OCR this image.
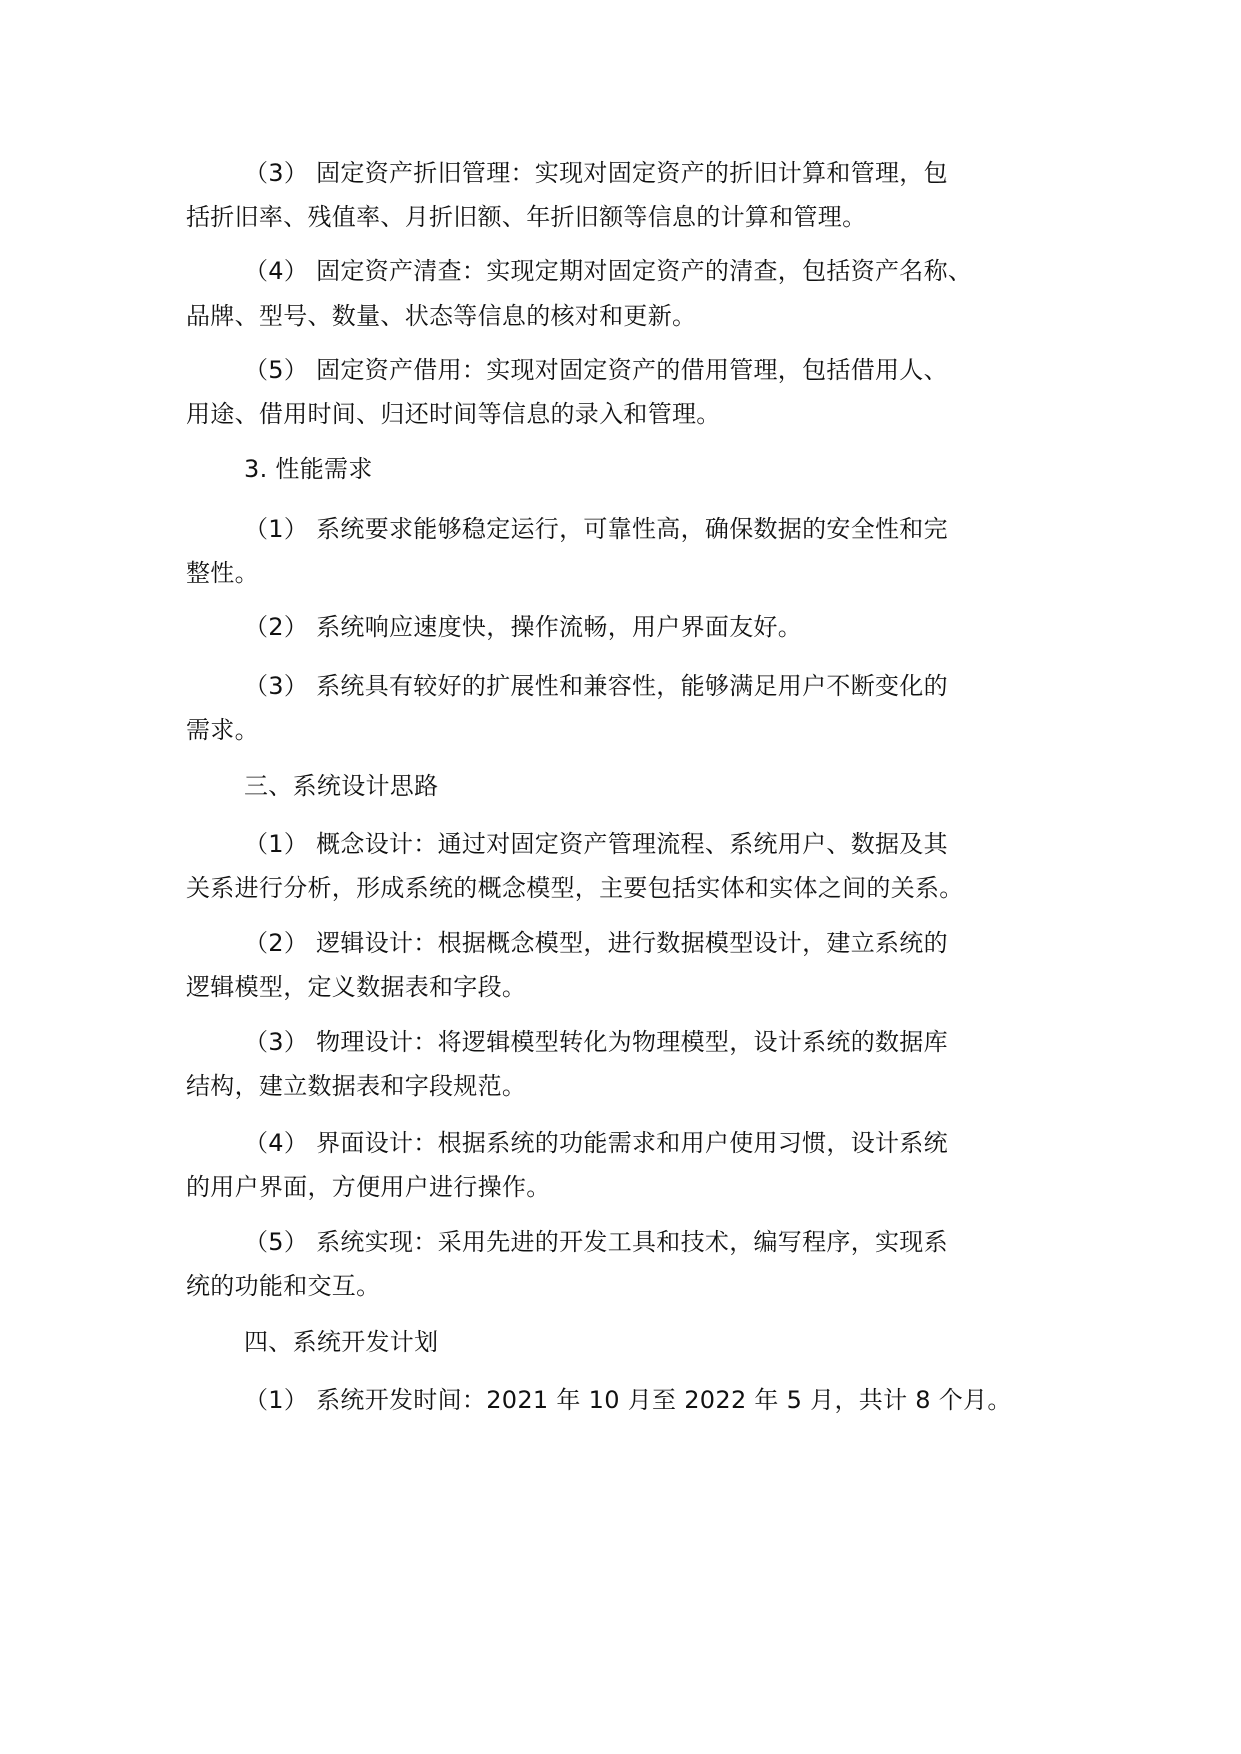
（3） 固定资产折旧管理：实现对固定资产的折旧计算和管理，包
括折旧率、残值率、月折旧额、年折旧额等信息的计算和管理。
（4） 固定资产清查：实现定期对固定资产的清查，包括资产名称、
品牌、型号、数量、状态等信息的核对和更新。
（5） 固定资产借用：实现对固定资产的借用管理，包括借用人、
用途、借用时间、归还时间等信息的录入和管理。
3. 性能需求
（1） 系统要求能够稳定运行，可靠性高，确保数据的安全性和完
整性。
（2） 系统响应速度快，操作流畅，用户界面友好。
（3） 系统具有较好的扩展性和兼容性，能够满足用户不断变化的
需求。
三、系统设计思路
（1） 概念设计：通过对固定资产管理流程、系统用户、数据及其
关系进行分析，形成系统的概念模型，主要包括实体和实体之间的关系。
（2） 逻辑设计：根据概念模型，进行数据模型设计，建立系统的
逻辑模型，定义数据表和字段。
（3） 物理设计：将逻辑模型转化为物理模型，设计系统的数据库
结构，建立数据表和字段规范。
（4） 界面设计：根据系统的功能需求和用户使用习惯，设计系统
的用户界面，方便用户进行操作。
（5） 系统实现：采用先进的开发工具和技术，编写程序，实现系
统的功能和交互。
四、系统开发计划
（1） 系统开发时间：2021 年 10 月至 2022 年 5 月，共计 8 个月。
